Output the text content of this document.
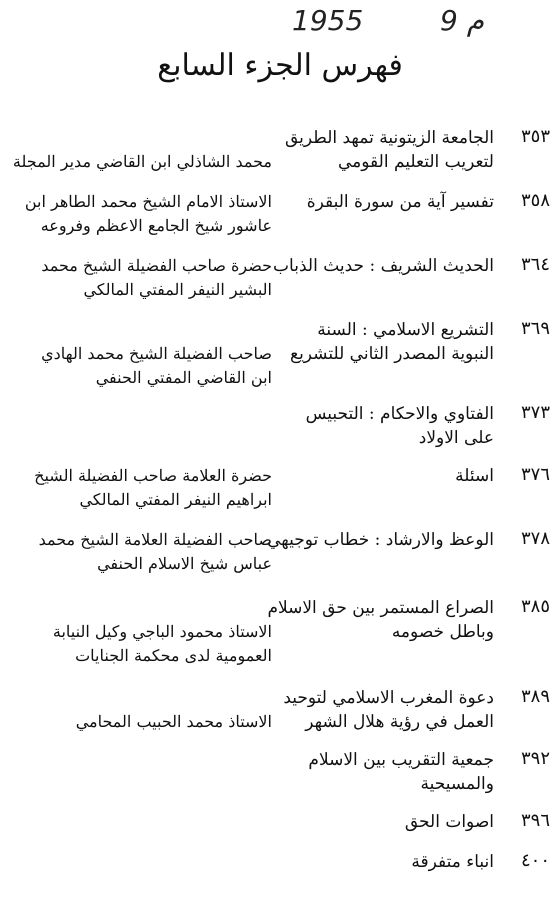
1955	م 9
فهرس الجزء السابع
٣٥٣
الجامعة الزيتونية تمهد الطريق
لتعريب التعليم القومي

محمد الشاذلي ابن القاضي مدير المجلة
٣٥٨
تفسير آية من سورة البقرة
الاستاذ الامام الشيخ محمد الطاهر ابن
عاشور شيخ الجامع الاعظم وفروعه
٣٦٤
الحديث الشريف : حديث الذباب
حضرة صاحب الفضيلة الشيخ محمد
البشير النيفر المفتي المالكي
٣٦٩
التشريع الاسلامي : السنة
النبوية المصدر الثاني للتشريع

صاحب الفضيلة الشيخ محمد الهادي
ابن القاضي المفتي الحنفي
٣٧٣
الفتاوي والاحكام : التحبيس
على الاولاد
٣٧٦
اسئلة
حضرة العلامة صاحب الفضيلة الشيخ
ابراهيم النيفر المفتي المالكي
٣٧٨
الوعظ والارشاد : خطاب توجيهي
صاحب الفضيلة العلامة الشيخ محمد
عباس شيخ الاسلام الحنفي
٣٨٥
الصراع المستمر بين حق الاسلام
وباطل خصومه

الاستاذ محمود الباجي وكيل النيابة
العمومية لدى محكمة الجنايات
٣٨٩
دعوة المغرب الاسلامي لتوحيد
العمل في رؤية هلال الشهر

الاستاذ محمد الحبيب المحامي
٣٩٢
جمعية التقريب بين الاسلام
والمسيحية
٣٩٦
اصوات الحق
٤٠٠
انباء متفرقة
